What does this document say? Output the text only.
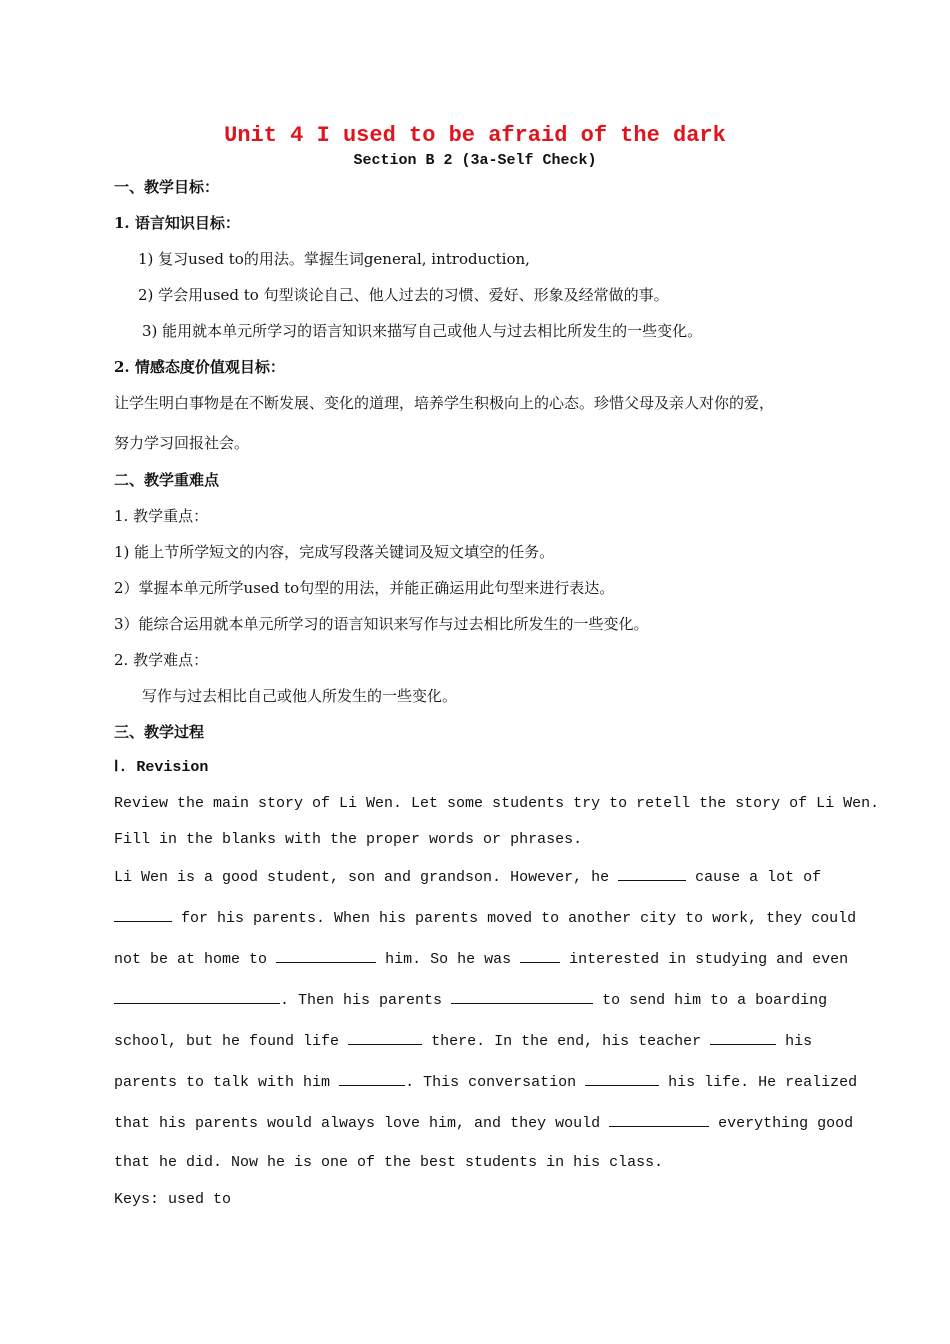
Unit 4 I used to be afraid of the dark
Section B 2 (3a-Self Check)
一、教学目标：
1. 语言知识目标：
1) 复习used to的用法。掌握生词general, introduction,
2) 学会用used to 句型谈论自己、他人过去的习惯、爱好、形象及经常做的事。
3) 能用就本单元所学习的语言知识来描写自己或他人与过去相比所发生的一些变化。
2. 情感态度价值观目标：
让学生明白事物是在不断发展、变化的道理，培养学生积极向上的心态。珍惜父母及亲人对你的爱，
努力学习回报社会。
二、教学重难点
1. 教学重点：
1) 能上节所学短文的内容，完成写段落关键词及短文填空的任务。
2）掌握本单元所学used to句型的用法，并能正确运用此句型来进行表达。
3）能综合运用就本单元所学习的语言知识来写作与过去相比所发生的一些变化。
2. 教学难点：
写作与过去相比自己或他人所发生的一些变化。
三、教学过程
Ⅰ. Revision
Review the main story of Li Wen. Let some students try to retell the story of Li Wen.
Fill in the blanks with the proper words or phrases.
Li Wen is a good student, son and grandson. However, he	cause a lot of
for his parents. When his parents moved to another city to work, they could
not be at home to	him. So he was	interested in studying and even
. Then his parents	to send him to a boarding
school, but he found life	there. In the end, his teacher	his
parents to talk with him	. This conversation	his life. He realized
that his parents would always love him, and they would	everything good
that he did. Now he is one of the best students in his class.
Keys: used to
